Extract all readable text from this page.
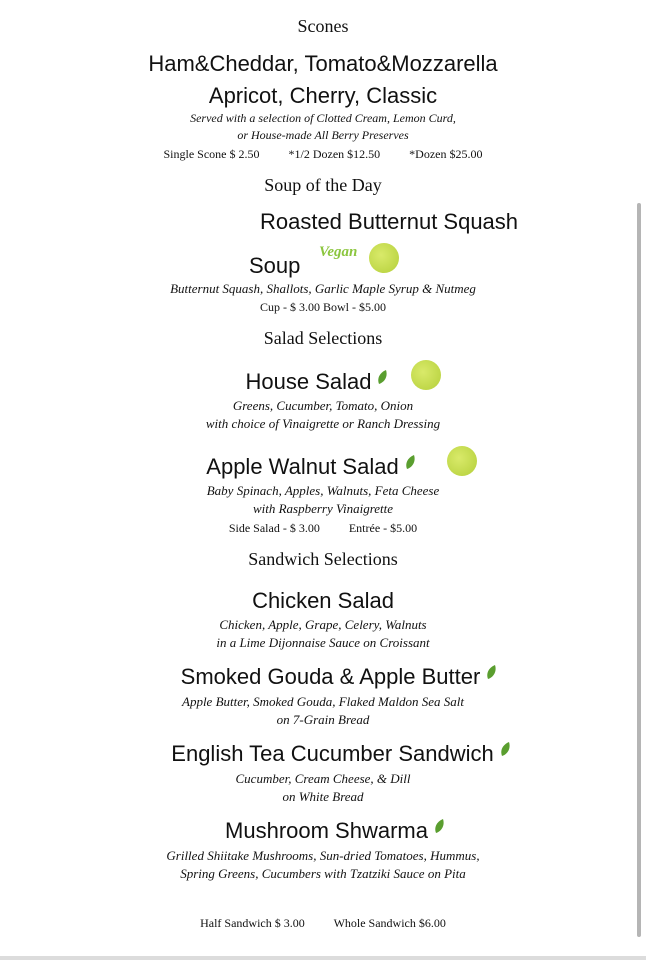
Scones
Ham&Cheddar, Tomato&Mozzarella
Apricot, Cherry, Classic
Served with a selection of Clotted Cream, Lemon Curd,
or House-made All Berry Preserves
Single Scone $ 2.50 *1/2 Dozen $12.50 *Dozen $25.00
Soup of the Day
Roasted Butternut Squash
Soup
Vegan
Butternut Squash, Shallots, Garlic Maple Syrup & Nutmeg
Cup - $ 3.00 Bowl - $5.00
Salad Selections
House Salad
Greens, Cucumber, Tomato, Onion
with choice of Vinaigrette or Ranch Dressing
Apple Walnut Salad
Baby Spinach, Apples, Walnuts, Feta Cheese
with Raspberry Vinaigrette
Side Salad - $ 3.00 Entrée - $5.00
Sandwich Selections
Chicken Salad
Chicken, Apple, Grape, Celery, Walnuts
in a Lime Dijonnaise Sauce on Croissant
Smoked Gouda & Apple Butter
Apple Butter, Smoked Gouda, Flaked Maldon Sea Salt
on 7-Grain Bread
English Tea Cucumber Sandwich
Cucumber, Cream Cheese, & Dill
on White Bread
Mushroom Shwarma
Grilled Shiitake Mushrooms, Sun-dried Tomatoes, Hummus,
Spring Greens, Cucumbers with Tzatziki Sauce on Pita
Half Sandwich $ 3.00 Whole Sandwich $6.00
